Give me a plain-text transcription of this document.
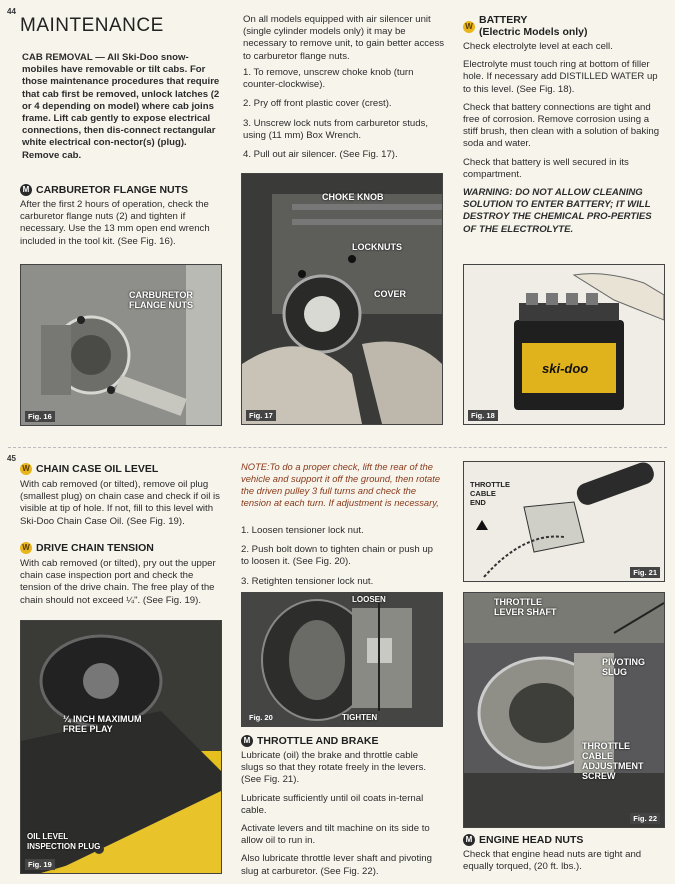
44
MAINTENANCE

CAB REMOVAL — All Ski-Doo snow-mobiles have removable or tilt cabs. For those maintenance procedures that require that cab first be removed, unlock latches (2 or 4 depending on model) where cab joins frame. Lift cab gently to expose electrical connections, then dis-connect rectangular white electrical con-nector(s) (plug). Remove cab.

M CARBURETOR FLANGE NUTS

After the first 2 hours of operation, check the carburetor flange nuts (2) and tighten if necessary. Use the 13 mm open end wrench included in the tool kit. (See Fig. 16).

CARBURETOR
FLANGE NUTS
Fig. 16

On all models equipped with air silencer unit (single cylinder models only) it may be necessary to remove unit, to gain better access to carburetor flange nuts.

1. To remove, unscrew choke knob (turn counter-clockwise).
2. Pry off front plastic cover (crest).
3. Unscrew lock nuts from carburetor studs, using (11 mm) Box Wrench.
4. Pull out air silencer. (See Fig. 17).
CHOKE KNOB
LOCKNUTS
COVER
Fig. 17
W
BATTERY
(Electric Models only)

Check electrolyte level at each cell.

Electrolyte must touch ring at bottom of filler hole. If necessary add DISTILLED WATER up to this level. (See Fig. 18).

Check that battery connections are tight and free of corrosion. Remove corrosion using a stiff brush, then clean with a solution of baking soda and water.

Check that battery is well secured in its compartment.

WARNING: DO NOT ALLOW CLEANING SOLUTION TO ENTER BATTERY; IT WILL DESTROY THE CHEMICAL PRO-PERTIES OF THE ELECTROLYTE.

ski-doo
Fig. 18
45
W CHAIN CASE OIL LEVEL

With cab removed (or tilted), remove oil plug (smallest plug) on chain case and check if oil is visible at tip of hole. If not, fill to this level with Ski-Doo Chain Case Oil. (See Fig. 19).

W DRIVE CHAIN TENSION

With cab removed (or tilted), pry out the upper chain case inspection port and check the tension of the drive chain. The free play of the chain should not exceed ¼". (See Fig. 19).

¼ INCH MAXIMUM
FREE PLAY
OIL LEVEL
INSPECTION PLUG
Fig. 19

NOTE:To do a proper check, lift the rear of the vehicle and support it off the ground, then rotate the driven pulley 3 full turns and check the tension at each turn. If adjustment is necessary,

1. Loosen tensioner lock nut.
2. Push bolt down to tighten chain or push up to loosen it. (See Fig. 20).
3. Retighten tensioner lock nut.
LOOSEN
TIGHTEN
Fig. 20
M THROTTLE AND BRAKE

Lubricate (oil) the brake and throttle cable slugs so that they rotate freely in the levers. (See Fig. 21).

Lubricate sufficiently until oil coats in-ternal cable.

Activate levers and tilt machine on its side to allow oil to run in.

Also lubricate throttle lever shaft and pivoting slug at carburetor. (See Fig. 22).

THROTTLE
CABLE
END
Fig. 21
THROTTLE
LEVER SHAFT
PIVOTING
SLUG
THROTTLE
CABLE
ADJUSTMENT
SCREW
Fig. 22
M ENGINE HEAD NUTS

Check that engine head nuts are tight and equally torqued, (20 ft. lbs.).
